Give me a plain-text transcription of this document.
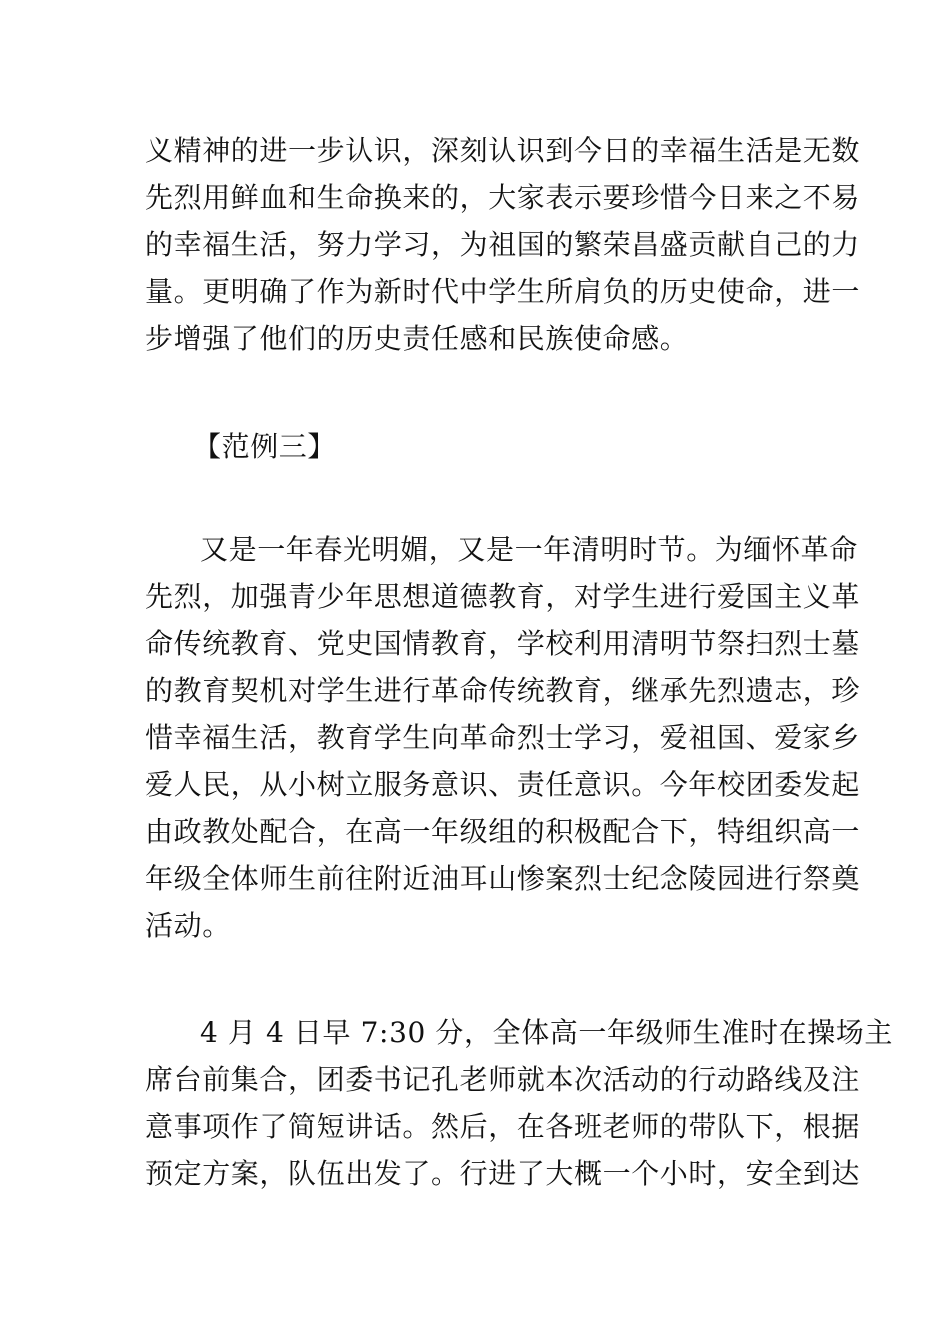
义精神的进一步认识，深刻认识到今日的幸福生活是无数
先烈用鲜血和生命换来的，大家表示要珍惜今日来之不易
的幸福生活，努力学习，为祖国的繁荣昌盛贡献自己的力
量。更明确了作为新时代中学生所肩负的历史使命，进一
步增强了他们的历史责任感和民族使命感。
【范例三】
又是一年春光明媚，又是一年清明时节。为缅怀革命
先烈，加强青少年思想道德教育，对学生进行爱国主义革
命传统教育、党史国情教育，学校利用清明节祭扫烈士墓
的教育契机对学生进行革命传统教育，继承先烈遗志，珍
惜幸福生活，教育学生向革命烈士学习，爱祖国、爱家乡
爱人民，从小树立服务意识、责任意识。今年校团委发起
由政教处配合，在高一年级组的积极配合下，特组织高一
年级全体师生前往附近油耳山惨案烈士纪念陵园进行祭奠
活动。
4 月 4 日早 7:30 分，全体高一年级师生准时在操场主
席台前集合，团委书记孔老师就本次活动的行动路线及注
意事项作了简短讲话。然后，在各班老师的带队下，根据
预定方案，队伍出发了。行进了大概一个小时，安全到达
